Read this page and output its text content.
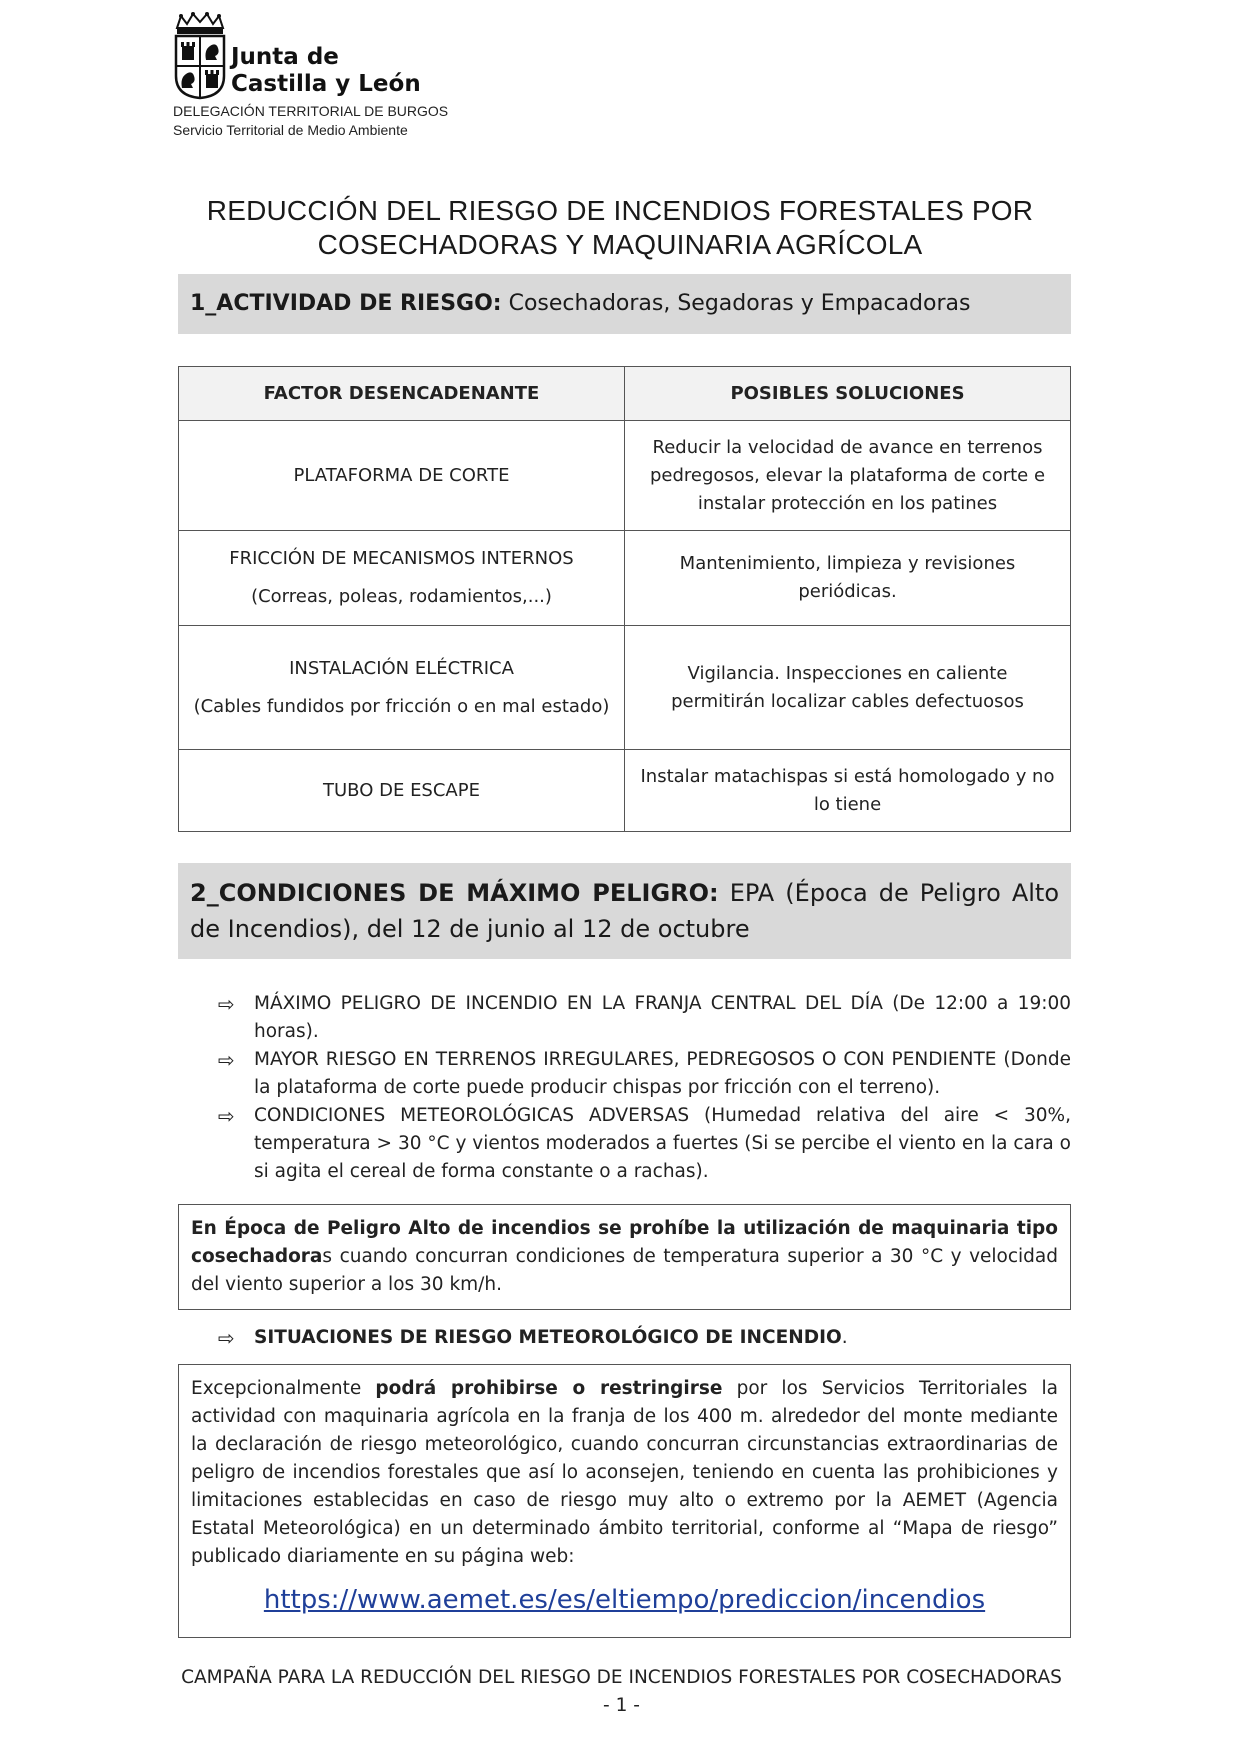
Junta de
Castilla y León
DELEGACIÓN TERRITORIAL DE BURGOS
Servicio Territorial de Medio Ambiente
REDUCCIÓN DEL RIESGO DE INCENDIOS FORESTALES POR
COSECHADORAS Y MAQUINARIA AGRÍCOLA
1_ACTIVIDAD DE RIESGO: Cosechadoras, Segadoras y Empacadoras
FACTOR DESENCADENANTE	POSIBLES SOLUCIONES

PLATAFORMA DE CORTE	Reducir la velocidad de avance en terrenos pedregosos, elevar la plataforma de corte e instalar protección en los patines

FRICCIÓN DE MECANISMOS INTERNOS
(Correas, poleas, rodamientos,...)	Mantenimiento, limpieza y revisiones periódicas.

INSTALACIÓN ELÉCTRICA
(Cables fundidos por fricción o en mal estado)	Vigilancia. Inspecciones en caliente permitirán localizar cables defectuosos

TUBO DE ESCAPE	Instalar matachispas si está homologado y no lo tiene
2_CONDICIONES DE MÁXIMO PELIGRO: EPA (Época de Peligro Alto de Incendios), del 12 de junio al 12 de octubre
⇨ MÁXIMO PELIGRO DE INCENDIO EN LA FRANJA CENTRAL DEL DÍA (De 12:00 a 19:00 horas).
⇨ MAYOR RIESGO EN TERRENOS IRREGULARES, PEDREGOSOS O CON PENDIENTE (Donde la plataforma de corte puede producir chispas por fricción con el terreno).
⇨ CONDICIONES METEOROLÓGICAS ADVERSAS (Humedad relativa del aire < 30%, temperatura > 30 °C y vientos moderados a fuertes (Si se percibe el viento en la cara o si agita el cereal de forma constante o a rachas).
En Época de Peligro Alto de incendios se prohíbe la utilización de maquinaria tipo cosechadoras cuando concurran condiciones de temperatura superior a 30 °C y velocidad del viento superior a los 30 km/h.
⇨ SITUACIONES DE RIESGO METEOROLÓGICO DE INCENDIO.
Excepcionalmente podrá prohibirse o restringirse por los Servicios Territoriales la actividad con maquinaria agrícola en la franja de los 400 m. alrededor del monte mediante la declaración de riesgo meteorológico, cuando concurran circunstancias extraordinarias de peligro de incendios forestales que así lo aconsejen, teniendo en cuenta las prohibiciones y limitaciones establecidas en caso de riesgo muy alto o extremo por la AEMET (Agencia Estatal Meteorológica) en un determinado ámbito territorial, conforme al “Mapa de riesgo” publicado diariamente en su página web:
https://www.aemet.es/es/eltiempo/prediccion/incendios
CAMPAÑA PARA LA REDUCCIÓN DEL RIESGO DE INCENDIOS FORESTALES POR COSECHADORAS
- 1 -
